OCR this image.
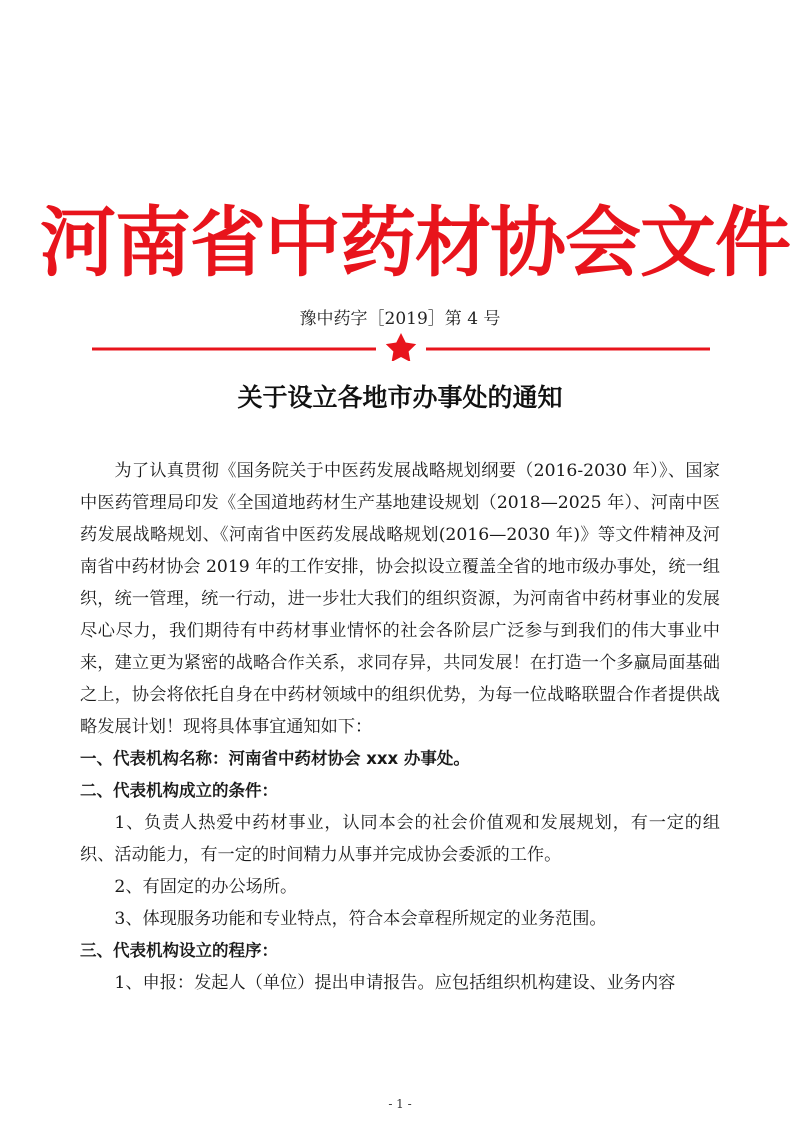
河南省中药材协会文件
豫中药字［2019］第 4 号
关于设立各地市办事处的通知

为了认真贯彻《国务院关于中医药发展战略规划纲要（2016-2030 年）》、国家中医药管理局印发《全国道地药材生产基地建设规划（2018—2025 年）、河南中医药发展战略规划、《河南省中医药发展战略规划(2016—2030 年)》等文件精神及河南省中药材协会 2019 年的工作安排，协会拟设立覆盖全省的地市级办事处，统一组织，统一管理，统一行动，进一步壮大我们的组织资源，为河南省中药材事业的发展尽心尽力，我们期待有中药材事业情怀的社会各阶层广泛参与到我们的伟大事业中来，建立更为紧密的战略合作关系，求同存异，共同发展！在打造一个多赢局面基础之上，协会将依托自身在中药材领域中的组织优势，为每一位战略联盟合作者提供战略发展计划！现将具体事宜通知如下：

一、代表机构名称：河南省中药材协会 xxx 办事处。

二、代表机构成立的条件：

1、负责人热爱中药材事业，认同本会的社会价值观和发展规划，有一定的组织、活动能力，有一定的时间精力从事并完成协会委派的工作。

2、有固定的办公场所。

3、体现服务功能和专业特点，符合本会章程所规定的业务范围。

三、代表机构设立的程序：

1、申报：发起人（单位）提出申请报告。应包括组织机构建设、业务内容

- 1 -
